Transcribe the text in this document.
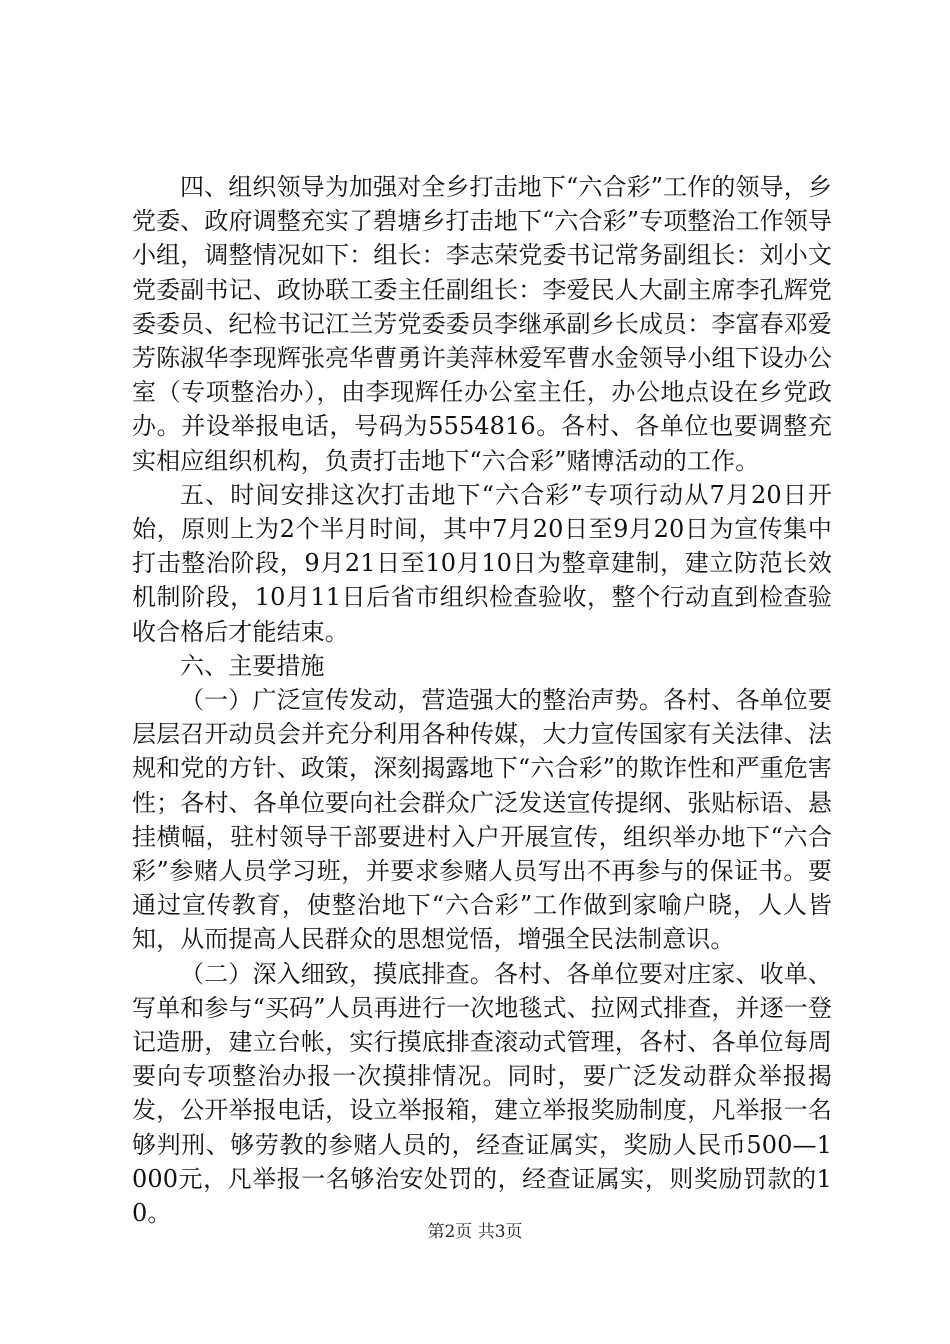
四、组织领导为加强对全乡打击地下“六合彩”工作的领导，乡党委、政府调整充实了碧塘乡打击地下“六合彩”专项整治工作领导小组，调整情况如下：组长：李志荣党委书记常务副组长：刘小文党委副书记、政协联工委主任副组长：李爱民人大副主席李孔辉党委委员、纪检书记江兰芳党委委员李继承副乡长成员：李富春邓爱芳陈淑华李现辉张亮华曹勇许美萍林爱军曹水金领导小组下设办公室（专项整治办），由李现辉任办公室主任，办公地点设在乡党政办。并设举报电话，号码为5554816。各村、各单位也要调整充实相应组织机构，负责打击地下“六合彩”赌博活动的工作。

五、时间安排这次打击地下“六合彩”专项行动从7月20日开始，原则上为2个半月时间，其中7月20日至9月20日为宣传集中打击整治阶段，9月21日至10月10日为整章建制，建立防范长效机制阶段，10月11日后省市组织检查验收，整个行动直到检查验收合格后才能结束。

六、主要措施

（一）广泛宣传发动，营造强大的整治声势。各村、各单位要层层召开动员会并充分利用各种传媒，大力宣传国家有关法律、法规和党的方针、政策，深刻揭露地下“六合彩”的欺诈性和严重危害性；各村、各单位要向社会群众广泛发送宣传提纲、张贴标语、悬挂横幅，驻村领导干部要进村入户开展宣传，组织举办地下“六合彩”参赌人员学习班，并要求参赌人员写出不再参与的保证书。要通过宣传教育，使整治地下“六合彩”工作做到家喻户晓，人人皆知，从而提高人民群众的思想觉悟，增强全民法制意识。

（二）深入细致，摸底排查。各村、各单位要对庄家、收单、写单和参与“买码”人员再进行一次地毯式、拉网式排查，并逐一登记造册，建立台帐，实行摸底排查滚动式管理，各村、各单位每周要向专项整治办报一次摸排情况。同时，要广泛发动群众举报揭发，公开举报电话，设立举报箱，建立举报奖励制度，凡举报一名够判刑、够劳教的参赌人员的，经查证属实，奖励人民币500—1000元，凡举报一名够治安处罚的，经查证属实，则奖励罚款的10。

第2页 共3页
